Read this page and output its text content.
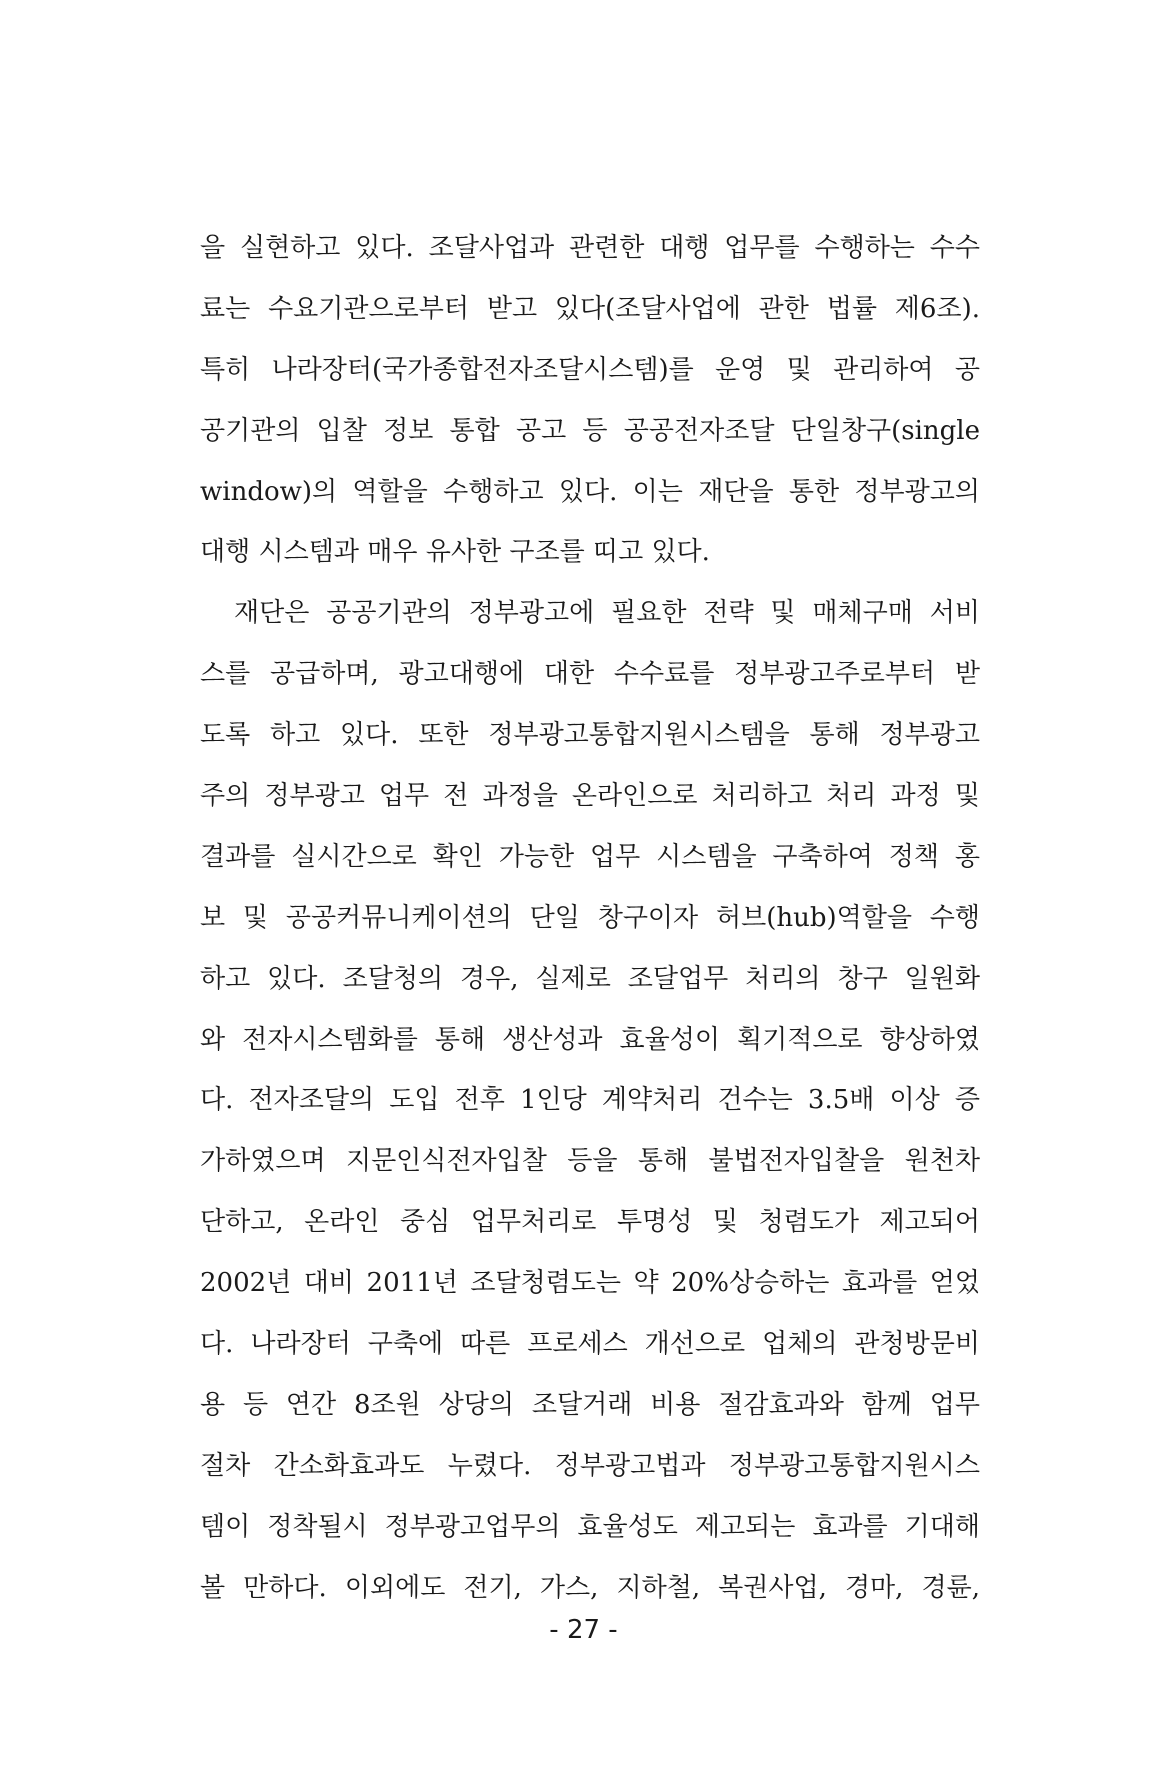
을 실현하고 있다. 조달사업과 관련한 대행 업무를 수행하는 수수
료는 수요기관으로부터 받고 있다(조달사업에 관한 법률 제6조).
특히 나라장터(국가종합전자조달시스템)를 운영 및 관리하여 공
공기관의 입찰 정보 통합 공고 등 공공전자조달 단일창구(single
window)의 역할을 수행하고 있다. 이는 재단을 통한 정부광고의
대행 시스템과 매우 유사한 구조를 띠고 있다.
재단은 공공기관의 정부광고에 필요한 전략 및 매체구매 서비
스를 공급하며, 광고대행에 대한 수수료를 정부광고주로부터 받
도록 하고 있다. 또한 정부광고통합지원시스템을 통해 정부광고
주의 정부광고 업무 전 과정을 온라인으로 처리하고 처리 과정 및
결과를 실시간으로 확인 가능한 업무 시스템을 구축하여 정책 홍
보 및 공공커뮤니케이션의 단일 창구이자 허브(hub)역할을 수행
하고 있다. 조달청의 경우, 실제로 조달업무 처리의 창구 일원화
와 전자시스템화를 통해 생산성과 효율성이 획기적으로 향상하였
다. 전자조달의 도입 전후 1인당 계약처리 건수는 3.5배 이상 증
가하였으며 지문인식전자입찰 등을 통해 불법전자입찰을 원천차
단하고, 온라인 중심 업무처리로 투명성 및 청렴도가 제고되어
2002년 대비 2011년 조달청렴도는 약 20%상승하는 효과를 얻었
다. 나라장터 구축에 따른 프로세스 개선으로 업체의 관청방문비
용 등 연간 8조원 상당의 조달거래 비용 절감효과와 함께 업무
절차 간소화효과도 누렸다. 정부광고법과 정부광고통합지원시스
템이 정착될시 정부광고업무의 효율성도 제고되는 효과를 기대해
볼 만하다. 이외에도 전기, 가스, 지하철, 복권사업, 경마, 경륜,
- 27 -
